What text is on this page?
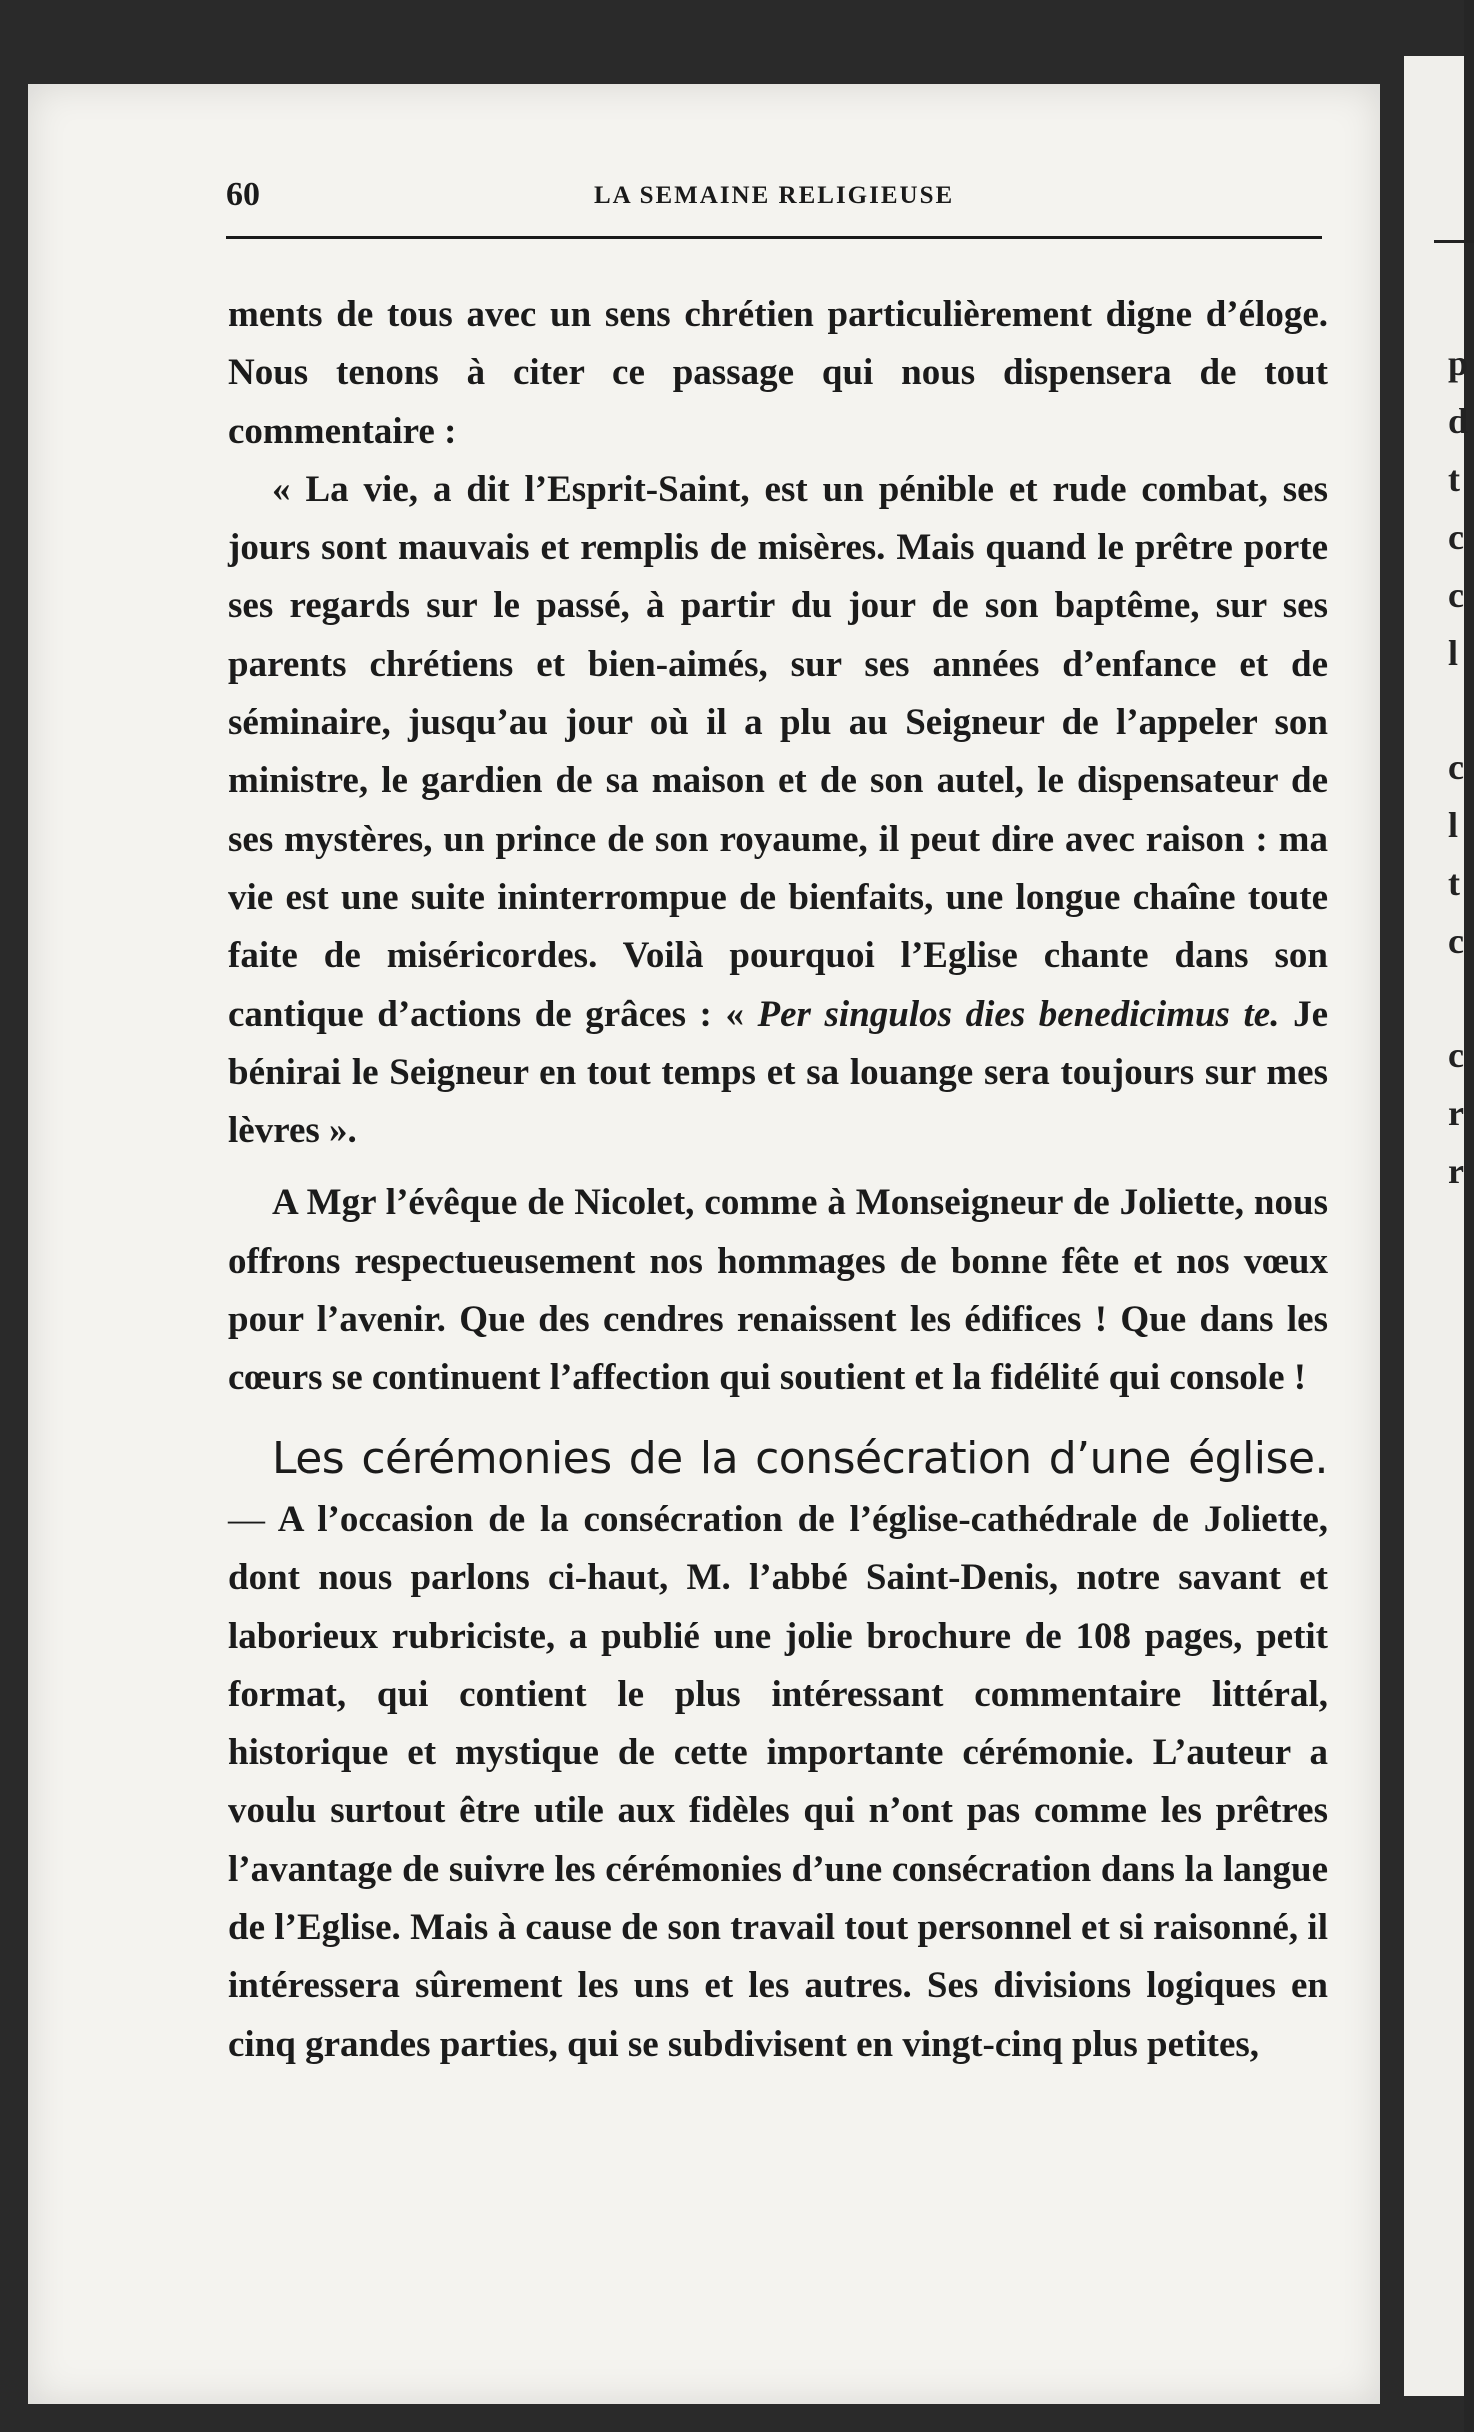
p
d
t
c
c
l
c
l
t
c
c
r
r
60	LA SEMAINE RELIGIEUSE

ments de tous avec un sens chrétien particulièrement digne d’éloge. Nous tenons à citer ce passage qui nous dispensera de tout commentaire :

« La vie, a dit l’Esprit-Saint, est un pénible et rude combat, ses jours sont mauvais et remplis de misères. Mais quand le prêtre porte ses regards sur le passé, à partir du jour de son baptême, sur ses parents chrétiens et bien-aimés, sur ses années d’enfance et de séminaire, jusqu’au jour où il a plu au Seigneur de l’appeler son ministre, le gardien de sa maison et de son autel, le dispensateur de ses mystères, un prince de son royaume, il peut dire avec raison : ma vie est une suite ininterrompue de bienfaits, une longue chaîne toute faite de miséricordes. Voilà pourquoi l’Eglise chante dans son cantique d’actions de grâces : « Per singulos dies benedicimus te. Je bénirai le Seigneur en tout temps et sa louange sera toujours sur mes lèvres ».

A Mgr l’évêque de Nicolet, comme à Monseigneur de Joliette, nous offrons respectueusement nos hommages de bonne fête et nos vœux pour l’avenir. Que des cendres renaissent les édifices ! Que dans les cœurs se continuent l’affection qui soutient et la fidélité qui console !

Les cérémonies de la consécration d’une église. — A l’occasion de la consécration de l’église-cathédrale de Joliette, dont nous parlons ci-haut, M. l’abbé Saint-Denis, notre savant et laborieux rubriciste, a publié une jolie brochure de 108 pages, petit format, qui contient le plus intéressant commentaire littéral, historique et mystique de cette importante cérémonie. L’auteur a voulu surtout être utile aux fidèles qui n’ont pas comme les prêtres l’avantage de suivre les cérémonies d’une consécration dans la langue de l’Eglise. Mais à cause de son travail tout personnel et si raisonné, il intéressera sûrement les uns et les autres. Ses divisions logiques en cinq grandes parties, qui se subdivisent en vingt-cinq plus petites,
